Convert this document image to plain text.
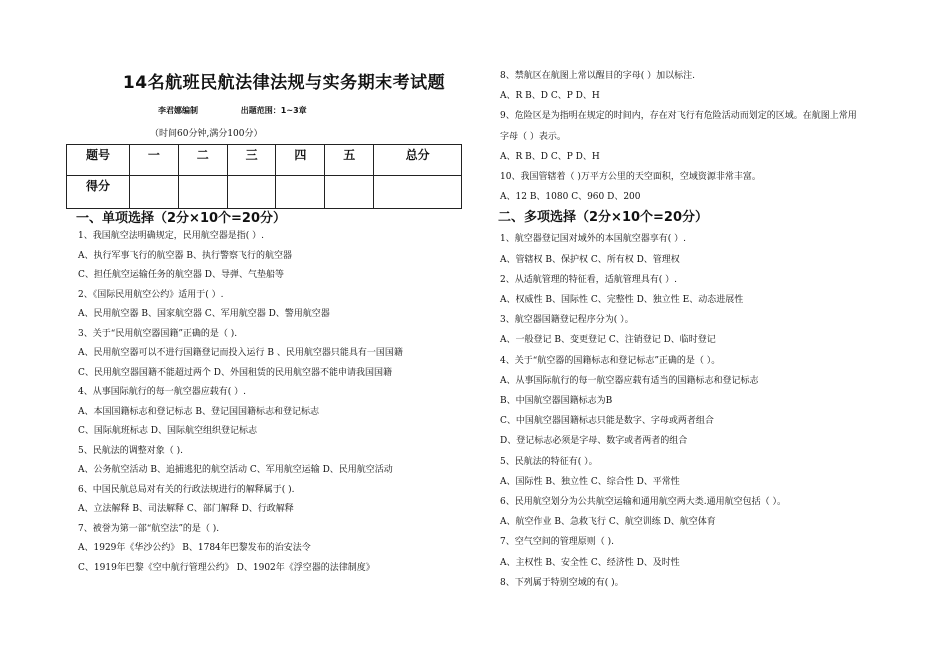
14名航班民航法律法规与实务期末考试题
李君娜编制	出题范围：1~3章
（时间60分钟,满分100分）
题号	一	二	三	四	五	总分
得分						
一、单项选择（2分×10个=20分）
1、我国航空法明确规定，民用航空器是指( ）.
A、执行军事飞行的航空器 B、执行警察飞行的航空器
C、担任航空运输任务的航空器 D、导弹、气垫船等
2、《国际民用航空公约》适用于( ）.
A、民用航空器 B、国家航空器 C、军用航空器 D、警用航空器
3、关于“民用航空器国籍”正确的是（ ).
A、民用航空器可以不进行国籍登记而投入运行 B 、民用航空器只能具有一国国籍
C、民用航空器国籍不能超过两个 D、外国租赁的民用航空器不能申请我国国籍
4、从事国际航行的每一航空器应载有( ）.
A、本国国籍标志和登记标志 B、登记国国籍标志和登记标志
C、国际航班标志 D、国际航空组织登记标志
5、民航法的调整对象（ ).
A、公务航空活动 B、追捕逃犯的航空活动 C、军用航空运输 D、民用航空活动
6、中国民航总局对有关的行政法规进行的解释属于( ).
A、立法解释 B、司法解释 C、部门解释 D、行政解释
7、被誉为第一部“航空法”的是（ ).
A、1929年《华沙公约》 B、1784年巴黎发布的治安法令
C、1919年巴黎《空中航行管理公约》 D、1902年《浮空器的法律制度》
8、禁航区在航图上常以醒目的字母( ）加以标注.
A、R B、D C、P D、H
9、危险区是为指明在规定的时间内，存在对飞行有危险活动而划定的区域。在航图上常用
字母（ ）表示。
A、R B、D C、P D、H
10、我国管辖着（ )万平方公里的天空面积，空域资源非常丰富。
A、12 B、1080 C、960 D、200
二、多项选择（2分×10个=20分）
1、航空器登记国对域外的本国航空器享有( ）.
A、管辖权 B、保护权 C、所有权 D、管理权
2、从适航管理的特征看，适航管理具有( ）.
A、权威性 B、国际性 C、完整性 D、独立性 E、动态进展性
3、航空器国籍登记程序分为( ）。
A、一般登记 B、变更登记 C、注销登记 D、临时登记
4、关于“航空器的国籍标志和登记标志”正确的是（ ）。
A、从事国际航行的每一航空器应载有适当的国籍标志和登记标志
B、中国航空器国籍标志为B
C、中国航空器国籍标志只能是数字、字母或两者组合
D、登记标志必须是字母、数字或者两者的组合
5、民航法的特征有( ）。
A、国际性 B、独立性 C、综合性 D、平常性
6、民用航空划分为公共航空运输和通用航空两大类.通用航空包括（ ）。
A、航空作业 B、急救飞行 C、航空训练 D、航空体育
7、空气空间的管理原则（ ).
A、主权性 B、安全性 C、经济性 D、及时性
8、下列属于特别空域的有( )。
